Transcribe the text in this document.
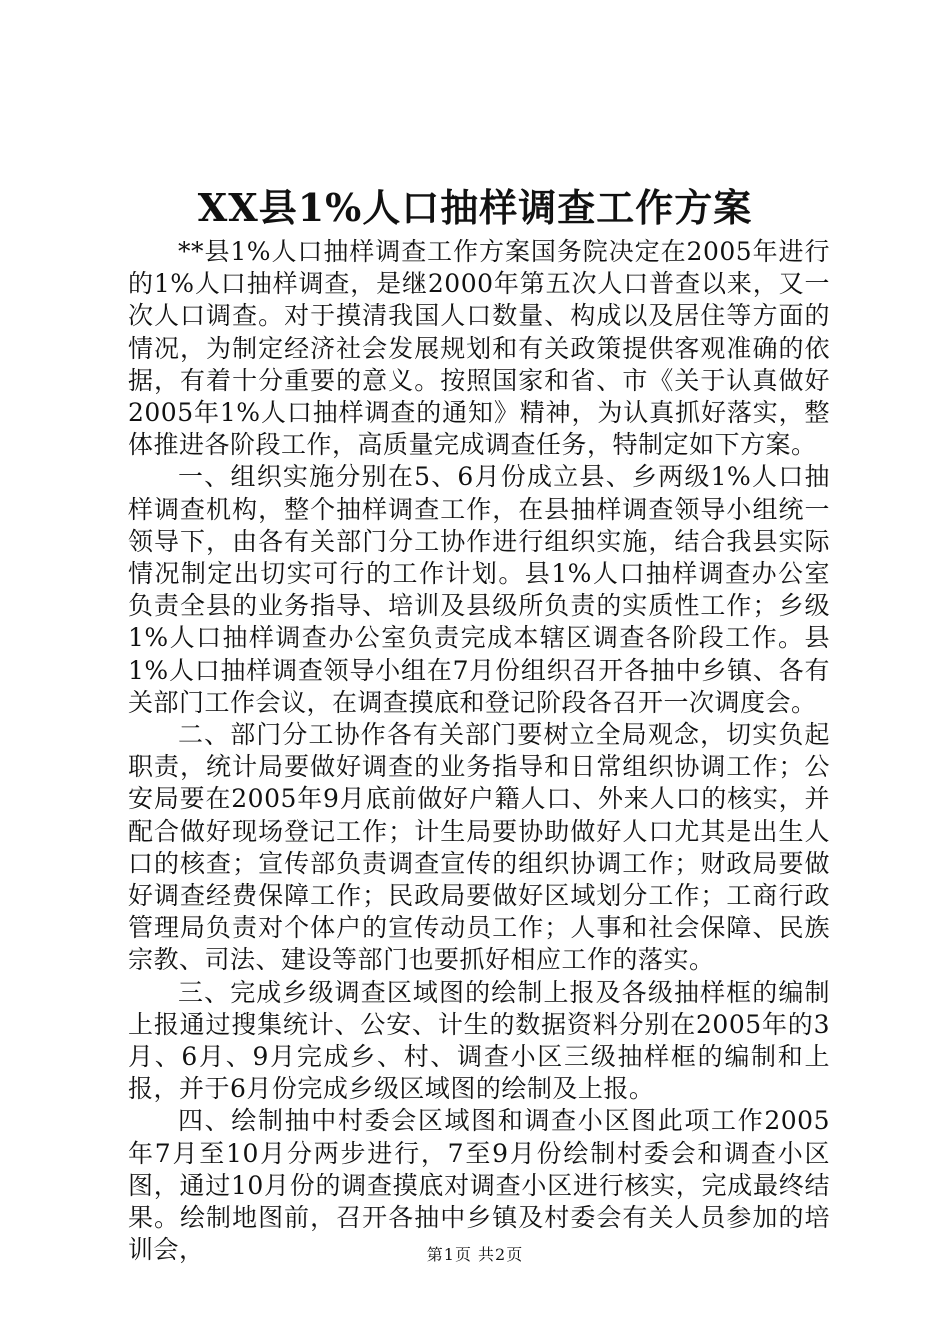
XX县1%人口抽样调查工作方案

**县1%人口抽样调查工作方案国务院决定在2005年进行的1%人口抽样调查，是继2000年第五次人口普查以来，又一次人口调查。对于摸清我国人口数量、构成以及居住等方面的情况，为制定经济社会发展规划和有关政策提供客观准确的依据，有着十分重要的意义。按照国家和省、市《关于认真做好2005年1%人口抽样调查的通知》精神，为认真抓好落实，整体推进各阶段工作，高质量完成调查任务，特制定如下方案。

一、组织实施分别在5、6月份成立县、乡两级1%人口抽样调查机构，整个抽样调查工作，在县抽样调查领导小组统一领导下，由各有关部门分工协作进行组织实施，结合我县实际情况制定出切实可行的工作计划。县1%人口抽样调查办公室负责全县的业务指导、培训及县级所负责的实质性工作；乡级1%人口抽样调查办公室负责完成本辖区调查各阶段工作。县1%人口抽样调查领导小组在7月份组织召开各抽中乡镇、各有关部门工作会议，在调查摸底和登记阶段各召开一次调度会。

二、部门分工协作各有关部门要树立全局观念，切实负起职责，统计局要做好调查的业务指导和日常组织协调工作；公安局要在2005年9月底前做好户籍人口、外来人口的核实，并配合做好现场登记工作；计生局要协助做好人口尤其是出生人口的核查；宣传部负责调查宣传的组织协调工作；财政局要做好调查经费保障工作；民政局要做好区域划分工作；工商行政管理局负责对个体户的宣传动员工作；人事和社会保障、民族宗教、司法、建设等部门也要抓好相应工作的落实。

三、完成乡级调查区域图的绘制上报及各级抽样框的编制上报通过搜集统计、公安、计生的数据资料分别在2005年的3月、6月、9月完成乡、村、调查小区三级抽样框的编制和上报，并于6月份完成乡级区域图的绘制及上报。

四、绘制抽中村委会区域图和调查小区图此项工作2005年7月至10月分两步进行，7至9月份绘制村委会和调查小区图，通过10月份的调查摸底对调查小区进行核实，完成最终结果。绘制地图前，召开各抽中乡镇及村委会有关人员参加的培训会，	第1页 共2页
